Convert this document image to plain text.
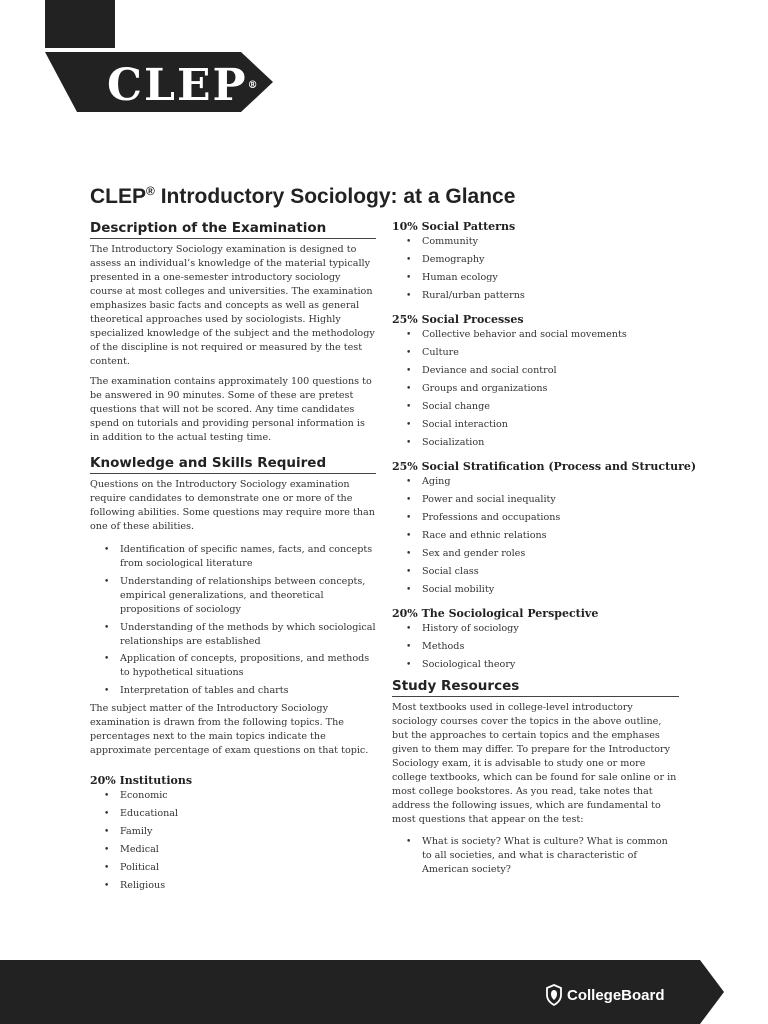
CLEP®
CLEP® Introductory Sociology: at a Glance
Description of the Examination

The Introductory Sociology examination is designed to assess an individual’s knowledge of the material typically presented in a one-semester introductory sociology course at most colleges and universities. The examination emphasizes basic facts and concepts as well as general theoretical approaches used by sociologists. Highly specialized knowledge of the subject and the methodology of the discipline is not required or measured by the test content.

The examination contains approximately 100 questions to be answered in 90 minutes. Some of these are pretest questions that will not be scored. Any time candidates spend on tutorials and providing personal information is in addition to the actual testing time.

Knowledge and Skills Required

Questions on the Introductory Sociology examination require candidates to demonstrate one or more of the following abilities. Some questions may require more than one of these abilities.

• Identification of specific names, facts, and concepts from sociological literature
• Understanding of relationships between concepts, empirical generalizations, and theoretical propositions of sociology
• Understanding of the methods by which sociological relationships are established
• Application of concepts, propositions, and methods to hypothetical situations
• Interpretation of tables and charts

The subject matter of the Introductory Sociology examination is drawn from the following topics. The percentages next to the main topics indicate the approximate percentage of exam questions on that topic.

20% Institutions
• Economic
• Educational
• Family
• Medical
• Political
• Religious
10% Social Patterns
• Community
• Demography
• Human ecology
• Rural/urban patterns
25% Social Processes
• Collective behavior and social movements
• Culture
• Deviance and social control
• Groups and organizations
• Social change
• Social interaction
• Socialization
25% Social Stratification (Process and Structure)
• Aging
• Power and social inequality
• Professions and occupations
• Race and ethnic relations
• Sex and gender roles
• Social class
• Social mobility
20% The Sociological Perspective
• History of sociology
• Methods
• Sociological theory
Study Resources

Most textbooks used in college-level introductory sociology courses cover the topics in the above outline, but the approaches to certain topics and the emphases given to them may differ. To prepare for the Introductory Sociology exam, it is advisable to study one or more college textbooks, which can be found for sale online or in most college bookstores. As you read, take notes that address the following issues, which are fundamental to most questions that appear on the test:

• What is society? What is culture? What is common to all societies, and what is characteristic of American society?
CollegeBoard
